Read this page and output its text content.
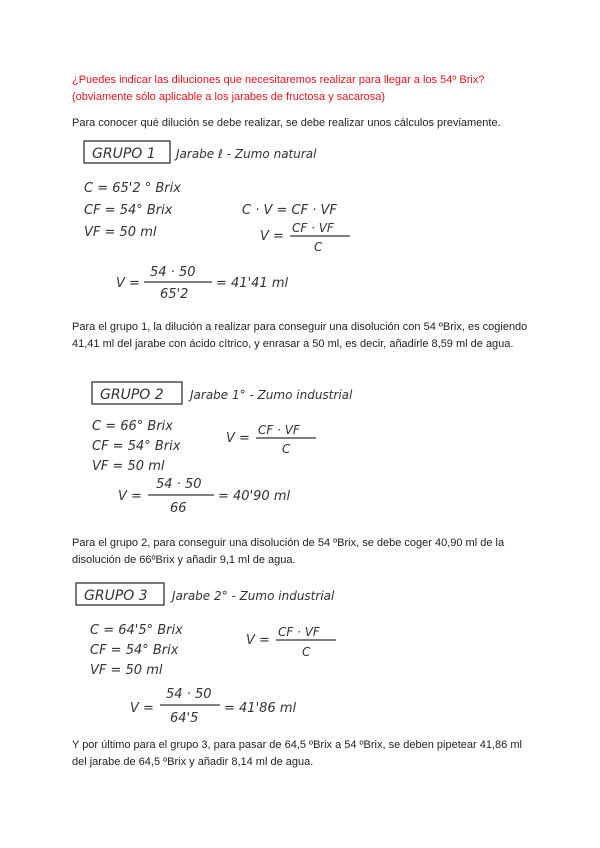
¿Puedes indicar las diluciones que necesitaremos realizar para llegar a los 54º Brix?
(obviamente sólo aplicable a los jarabes de fructosa y sacarosa)
Para conocer qué dilución se debe realizar, se debe realizar unos cálculos previamente.
GRUPO 1 Jarabe ℓ - Zumo natural
C = 65'2 ° Brix
CF = 54° Brix
VF = 50 ml
C · V = CF · VF
V =
CF · VF
C
V =
54 · 50
65'2
= 41'41 ml
GRUPO 2 Jarabe 1° - Zumo industrial
C = 66° Brix
CF = 54° Brix
VF = 50 ml
V =
CF · VF
C
V =
54 · 50
66
= 40'90 ml
GRUPO 3 Jarabe 2° - Zumo industrial
C = 64'5° Brix
CF = 54° Brix
VF = 50 ml
V =
CF · VF
C
V =
54 · 50
64'5
= 41'86 ml
Para el grupo 1, la dilución a realizar para conseguir una disolución con 54 ºBrix, es cogiendo 41,41 ml del jarabe con ácido cítrico, y enrasar a 50 ml, es decir, añadirle 8,59 ml de agua.
Para el grupo 2, para conseguir una disolución de 54 ºBrix, se debe coger 40,90 ml de la disolución de 66ºBrix y añadir 9,1 ml de agua.
Y por último para el grupo 3, para pasar de 64,5 ºBrix a 54 ºBrix, se deben pipetear 41,86 ml del jarabe de 64,5 ºBrix y añadir 8,14 ml de agua.
